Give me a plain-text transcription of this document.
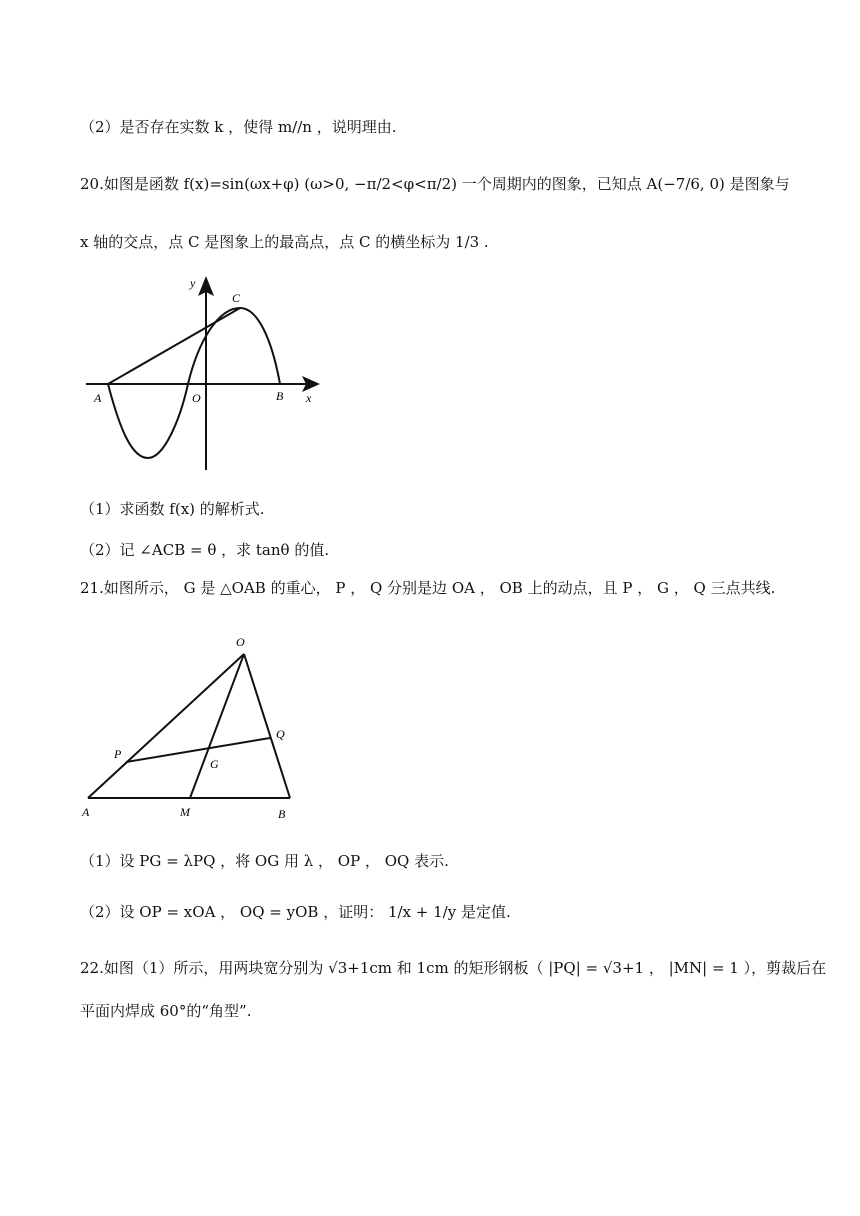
（2）是否存在实数 k ，使得 m//n ，说明理由.
20.如图是函数 f(x)=sin(ωx+φ) (ω>0, −π/2<φ<π/2) 一个周期内的图象，已知点 A(−7/6, 0) 是图象与
x 轴的交点，点 C 是图象上的最高点，点 C 的横坐标为 1/3 .
y
x
A	O	B
C
（1）求函数 f(x) 的解析式.
（2）记 ∠ACB = θ ，求 tanθ 的值.
21.如图所示， G 是 △OAB 的重心， P ， Q 分别是边 OA ， OB 上的动点，且 P ， G ， Q 三点共线.
O
P
Q
G
A	M	B
（1）设 PG = λPQ ，将 OG 用 λ ， OP ， OQ 表示.
（2）设 OP = xOA ， OQ = yOB ，证明： 1/x + 1/y 是定值.
22.如图（1）所示，用两块宽分别为 √3+1cm 和 1cm 的矩形钢板（ |PQ| = √3+1 ， |MN| = 1 ），剪裁后在
平面内焊成 60°的“角型”.
